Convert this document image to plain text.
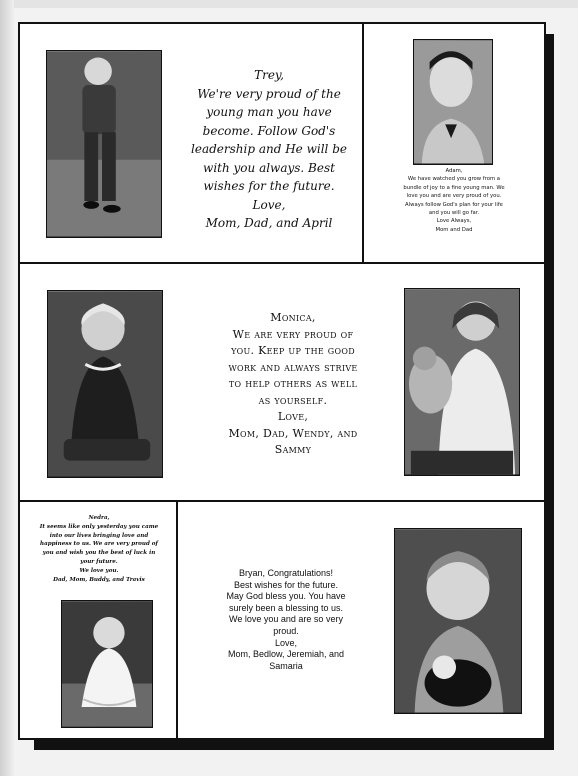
Trey,
We're very proud of the
young man you have
become. Follow God's
leadership and He will be
with you always. Best
wishes for the future.
Love,
Mom, Dad, and April
Adam,
We have watched you grow from a
bundle of joy to a fine young man. We
love you and are very proud of you.
Always follow God's plan for your life
and you will go far.
Love Always,
Mom and Dad
Monica,
We are very proud of
you. Keep up the good
work and always strive
to help others as well
as yourself.
Love,
Mom, Dad, Wendy, and
Sammy
Nedra,
It seems like only yesterday you came
into our lives bringing love and
happiness to us. We are very proud of
you and wish you the best of luck in
your future.
We love you.
Dad, Mom, Buddy, and Travis
Bryan, Congratulations!
Best wishes for the future.
May God bless you. You have
surely been a blessing to us.
We love you and are so very
proud.
Love,
Mom, Bedlow, Jeremiah, and
Samaria
